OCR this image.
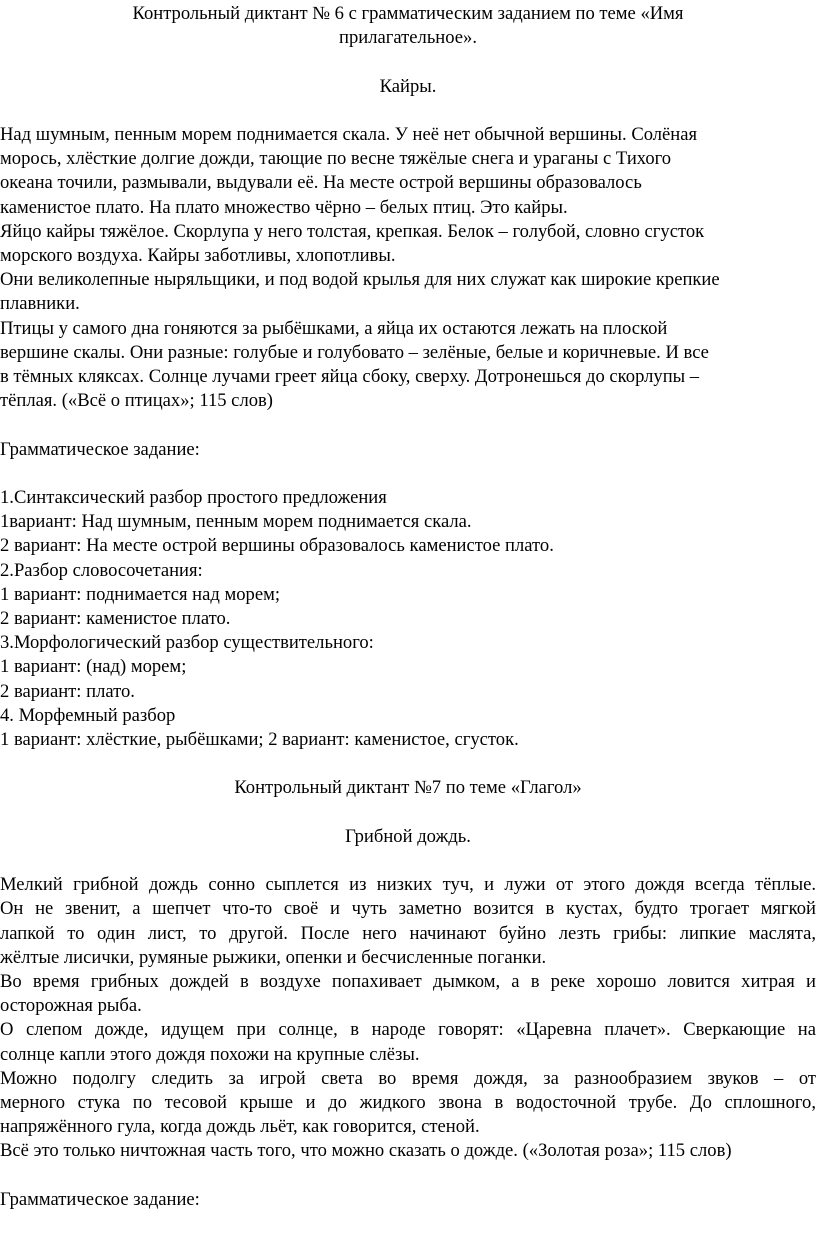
Контрольный диктант № 6 с грамматическим заданием по теме «Имя
прилагательное».
Кайры.
Над шумным, пенным морем поднимается скала. У неё нет обычной вершины. Солёная
морось, хлёсткие долгие дожди, тающие по весне тяжёлые снега и ураганы с Тихого
океана точили, размывали, выдували её. На месте острой вершины образовалось
каменистое плато. На плато множество чёрно – белых птиц. Это кайры.
Яйцо кайры тяжёлое. Скорлупа у него толстая, крепкая. Белок – голубой, словно сгусток
морского воздуха. Кайры заботливы, хлопотливы.
Они великолепные ныряльщики, и под водой крылья для них служат как широкие крепкие
плавники.
Птицы у самого дна гоняются за рыбёшками, а яйца их остаются лежать на плоской
вершине скалы. Они разные: голубые и голубовато – зелёные, белые и коричневые. И все
в тёмных кляксах. Солнце лучами греет яйца сбоку, сверху. Дотронешься до скорлупы –
тёплая. («Всё о птицах»; 115 слов)
Грамматическое задание:
1.Синтаксический разбор простого предложения
1вариант: Над шумным, пенным морем поднимается скала.
2 вариант: На месте острой вершины образовалось каменистое плато.
2.Разбор словосочетания:
1 вариант: поднимается над морем;
2 вариант: каменистое плато.
3.Морфологический разбор существительного:
1 вариант: (над) морем;
2 вариант: плато.
4. Морфемный разбор
1 вариант: хлёсткие, рыбёшками; 2 вариант: каменистое, сгусток.
Контрольный диктант №7 по теме «Глагол»
Грибной дождь.
Мелкий грибной дождь сонно сыплется из низких туч, и лужи от этого дождя всегда тёплые.
Он не звенит, а шепчет что-то своё и чуть заметно возится в кустах, будто трогает мягкой
лапкой то один лист, то другой. После него начинают буйно лезть грибы: липкие маслята,
жёлтые лисички, румяные рыжики, опенки и бесчисленные поганки.
Во время грибных дождей в воздухе попахивает дымком, а в реке хорошо ловится хитрая и
осторожная рыба.
О слепом дожде, идущем при солнце, в народе говорят: «Царевна плачет». Сверкающие на
солнце капли этого дождя похожи на крупные слёзы.
Можно подолгу следить за игрой света во время дождя, за разнообразием звуков – от
мерного стука по тесовой крыше и до жидкого звона в водосточной трубе. До сплошного,
напряжённого гула, когда дождь льёт, как говорится, стеной.
Всё это только ничтожная часть того, что можно сказать о дожде. («Золотая роза»; 115 слов)
Грамматическое задание:
